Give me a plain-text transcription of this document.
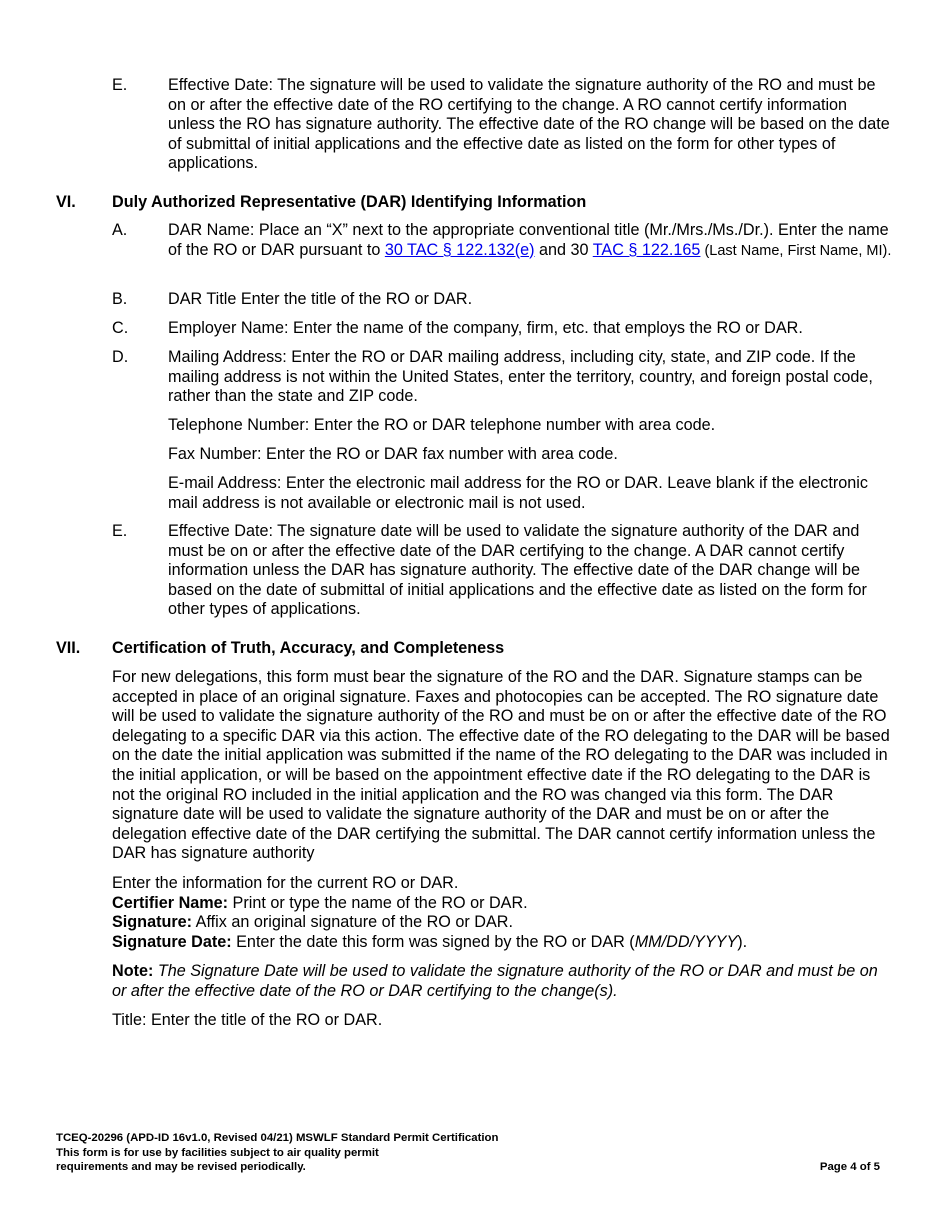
E.	Effective Date: The signature will be used to validate the signature authority of the RO and must be on or after the effective date of the RO certifying to the change. A RO cannot certify information unless the RO has signature authority. The effective date of the RO change will be based on the date of submittal of initial applications and the effective date as listed on the form for other types of applications.
VI. Duly Authorized Representative (DAR) Identifying Information
A.	DAR Name: Place an “X” next to the appropriate conventional title (Mr./Mrs./Ms./Dr.). Enter the name of the RO or DAR pursuant to 30 TAC § 122.132(e) and 30 TAC § 122.165 (Last Name, First Name, MI).
B.	DAR Title Enter the title of the RO or DAR.
C. Employer Name: Enter the name of the company, firm, etc. that employs the RO or DAR.
D. Mailing Address: Enter the RO or DAR mailing address, including city, state, and ZIP code. If the mailing address is not within the United States, enter the territory, country, and foreign postal code, rather than the state and ZIP code.
Telephone Number: Enter the RO or DAR telephone number with area code.
Fax Number: Enter the RO or DAR fax number with area code.
E-mail Address: Enter the electronic mail address for the RO or DAR. Leave blank if the electronic mail address is not available or electronic mail is not used.
E.	Effective Date: The signature date will be used to validate the signature authority of the DAR and must be on or after the effective date of the DAR certifying to the change. A DAR cannot certify information unless the DAR has signature authority. The effective date of the DAR change will be based on the date of submittal of initial applications and the effective date as listed on the form for other types of applications.
VII. Certification of Truth, Accuracy, and Completeness
For new delegations, this form must bear the signature of the RO and the DAR. Signature stamps can be accepted in place of an original signature. Faxes and photocopies can be accepted. The RO signature date will be used to validate the signature authority of the RO and must be on or after the effective date of the RO delegating to a specific DAR via this action. The effective date of the RO delegating to the DAR will be based on the date the initial application was submitted if the name of the RO delegating to the DAR was included in the initial application, or will be based on the appointment effective date if the RO delegating to the DAR is not the original RO included in the initial application and the RO was changed via this form. The DAR signature date will be used to validate the signature authority of the DAR and must be on or after the delegation effective date of the DAR certifying the submittal. The DAR cannot certify information unless the DAR has signature authority
Enter the information for the current RO or DAR.
Certifier Name: Print or type the name of the RO or DAR.
Signature: Affix an original signature of the RO or DAR.
Signature Date: Enter the date this form was signed by the RO or DAR (MM/DD/YYYY).
Note: The Signature Date will be used to validate the signature authority of the RO or DAR and must be on or after the effective date of the RO or DAR certifying to the change(s).
Title: Enter the title of the RO or DAR.
TCEQ-20296 (APD-ID 16v1.0, Revised 04/21) MSWLF Standard Permit Certification
This form is for use by facilities subject to air quality permit
requirements and may be revised periodically.	Page 4 of 5
